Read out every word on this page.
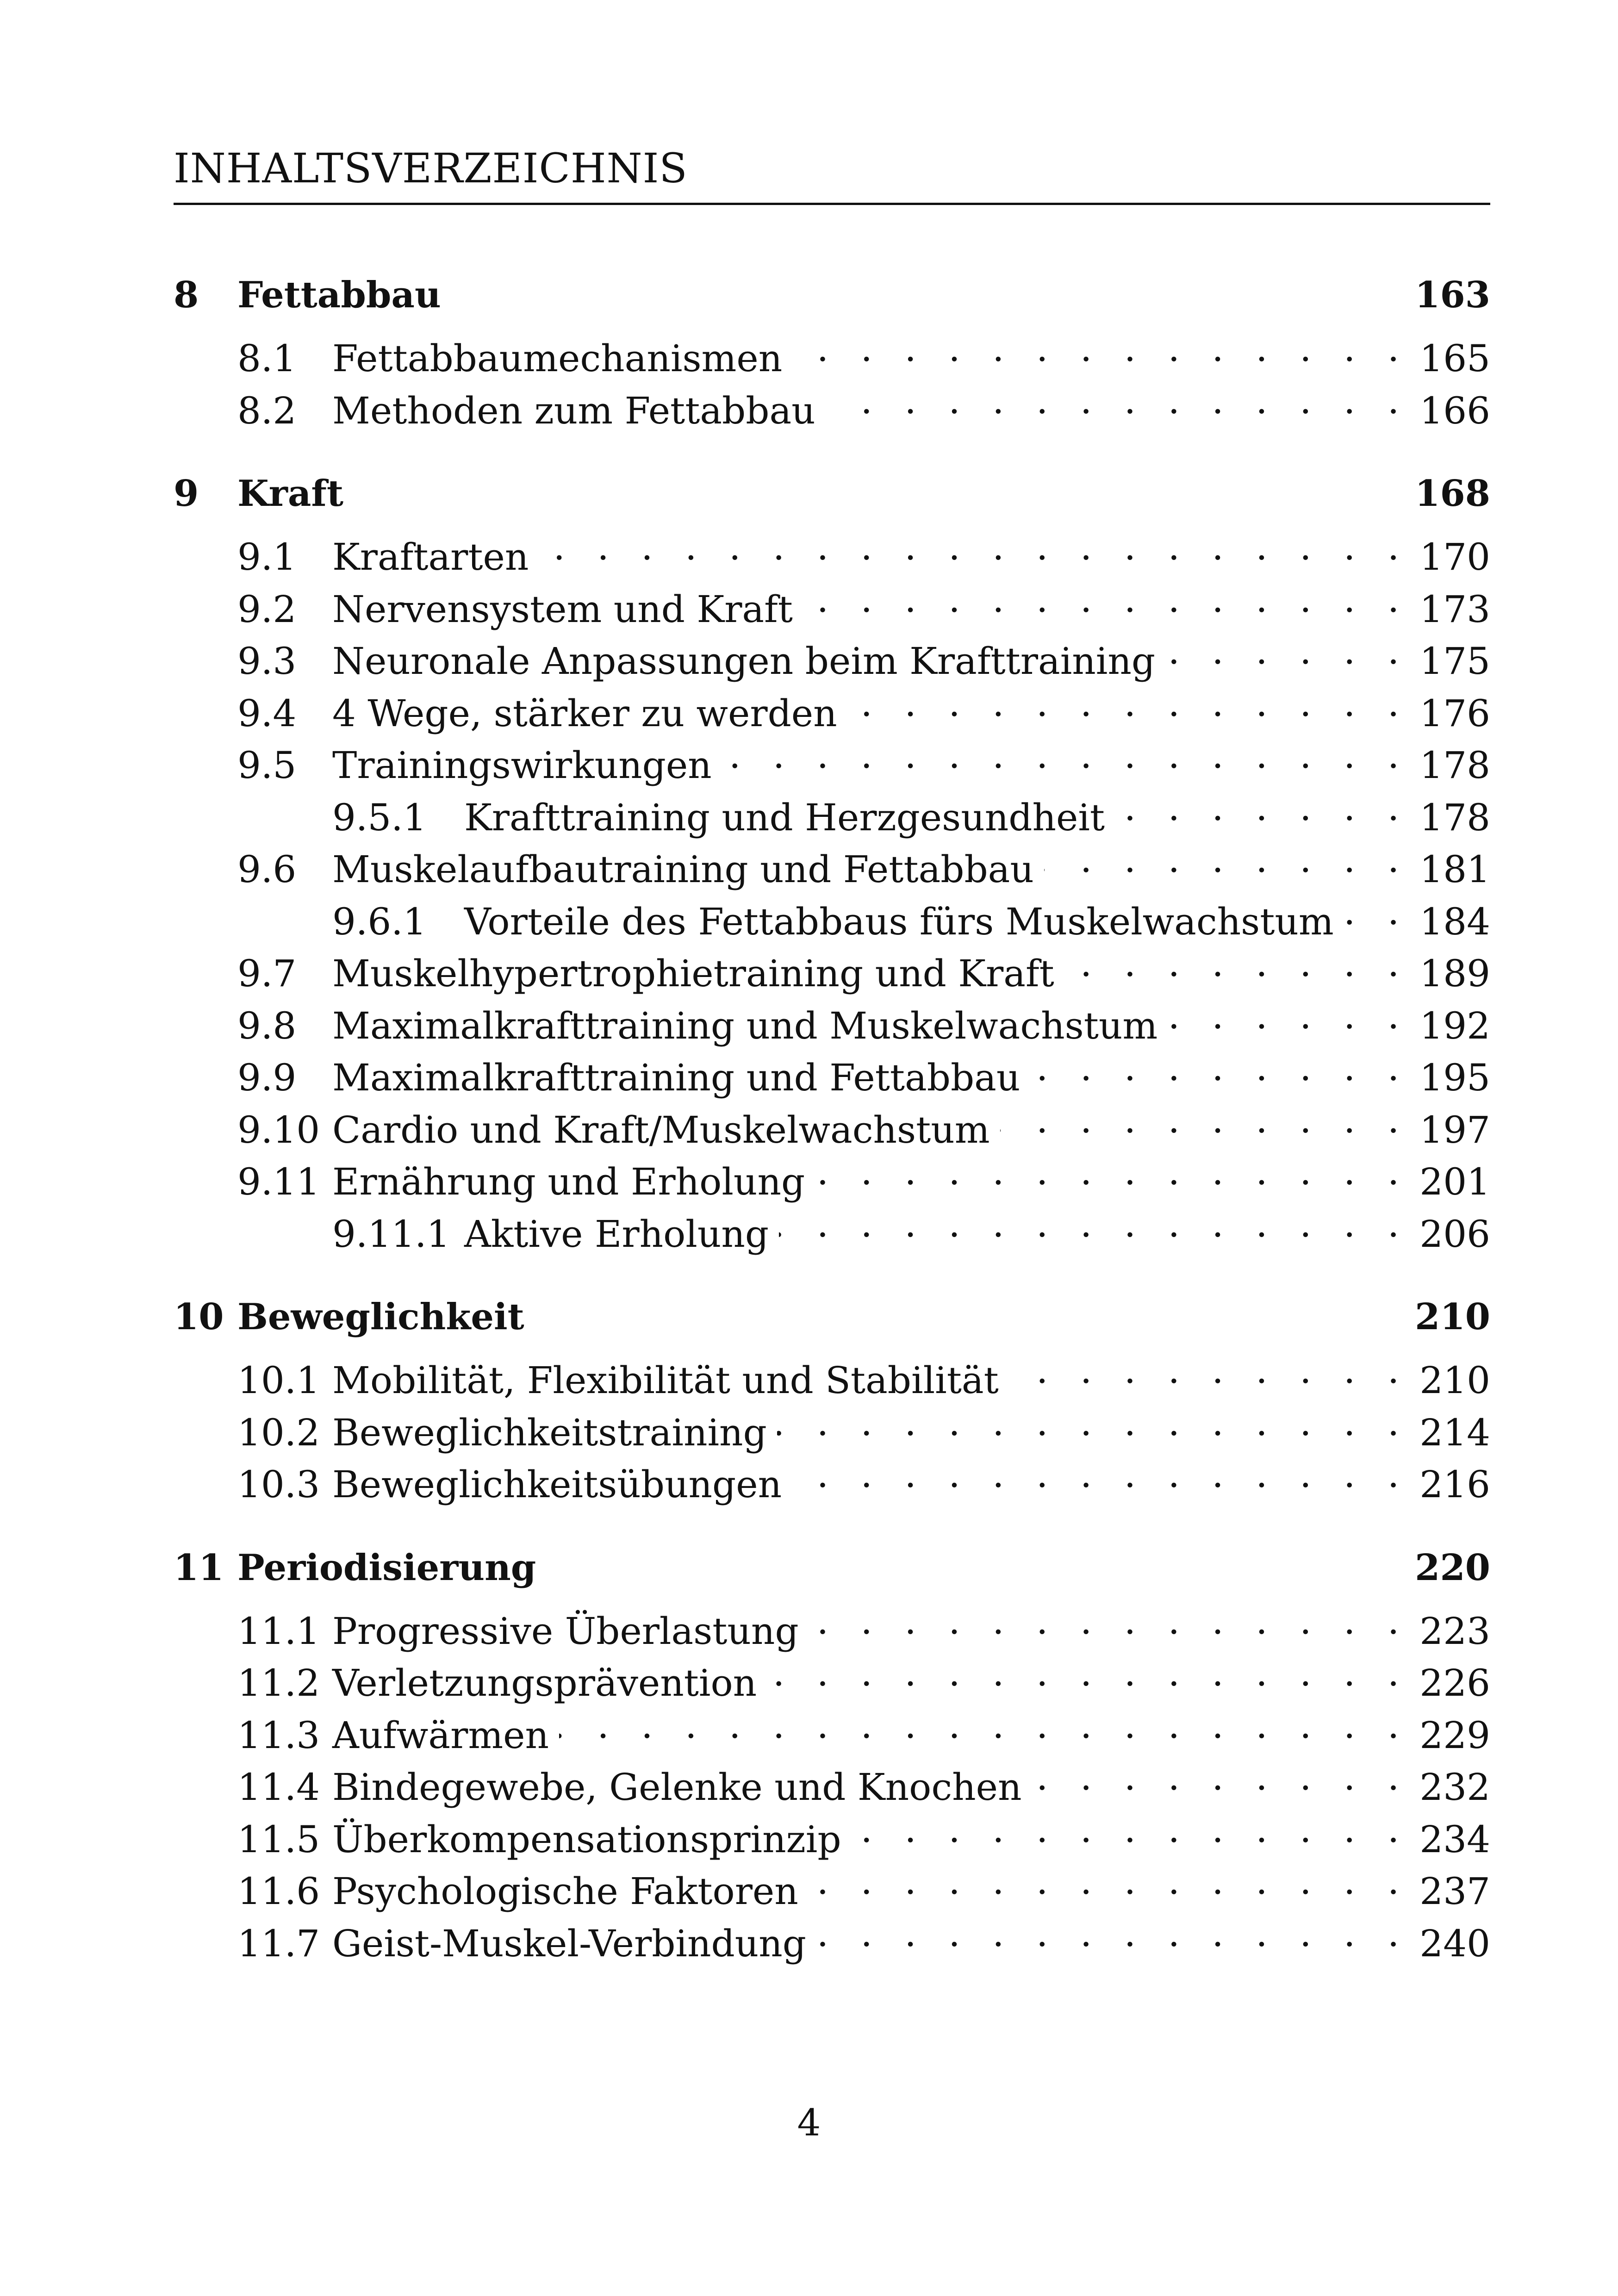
INHALTSVERZEICHNIS
8	Fettabbau	163
8.1 Fettabbaumechanismen . . .	165
8.2 Methoden zum Fettabbau . . .	166
9	Kraft	168
9.1 Kraftarten . . .	170
9.2 Nervensystem und Kraft . . .	173
9.3 Neuronale Anpassungen beim Krafttraining . . .	175
9.4 4 Wege, stärker zu werden . . .	176
9.5 Trainingswirkungen . . .	178
9.5.1	Krafttraining und Herzgesundheit . . .	178
9.6 Muskelaufbautraining und Fettabbau . . .	181
9.6.1	Vorteile des Fettabbaus fürs Muskelwachstum . . . 184
9.7 Muskelhypertrophietraining und Kraft . . .	189
9.8 Maximalkrafttraining und Muskelwachstum . . .	192
9.9 Maximalkrafttraining und Fettabbau . . .	195
9.10 Cardio und Kraft/Muskelwachstum . . .	197
9.11 Ernährung und Erholung . . .	201
9.11.1 Aktive Erholung . . .	206
10 Beweglichkeit	210
10.1 Mobilität, Flexibilität und Stabilität . . .	210
10.2 Beweglichkeitstraining . . .	214
10.3 Beweglichkeitsübungen . . .	216
11 Periodisierung	220
11.1 Progressive Überlastung . . .	223
11.2 Verletzungsprävention . . .	226
11.3 Aufwärmen . . .	229
11.4 Bindegewebe, Gelenke und Knochen . . .	232
11.5 Überkompensationsprinzip . . .	234
11.6 Psychologische Faktoren . . .	237
11.7 Geist-Muskel-Verbindung . . .	240
4
